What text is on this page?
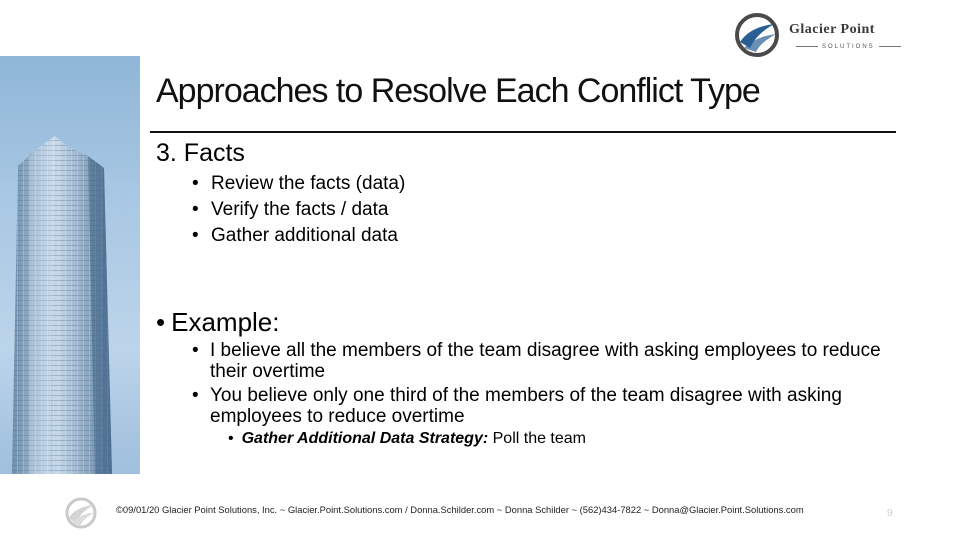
Glacier Point
SOLUTIONS
Approaches to Resolve Each Conflict Type
3. Facts
• Review the facts (data)
• Verify the facts / data
• Gather additional data
• Example:
• I believe all the members of the team disagree with asking employees to reduce their overtime
• You believe only one third of the members of the team disagree with asking employees to reduce overtime
• Gather Additional Data Strategy: Poll the team
©09/01/20 Glacier Point Solutions, Inc. ~ Glacier.Point.Solutions.com / Donna.Schilder.com ~ Donna Schilder ~ (562)434-7822 ~ Donna@Glacier.Point.Solutions.com	9
